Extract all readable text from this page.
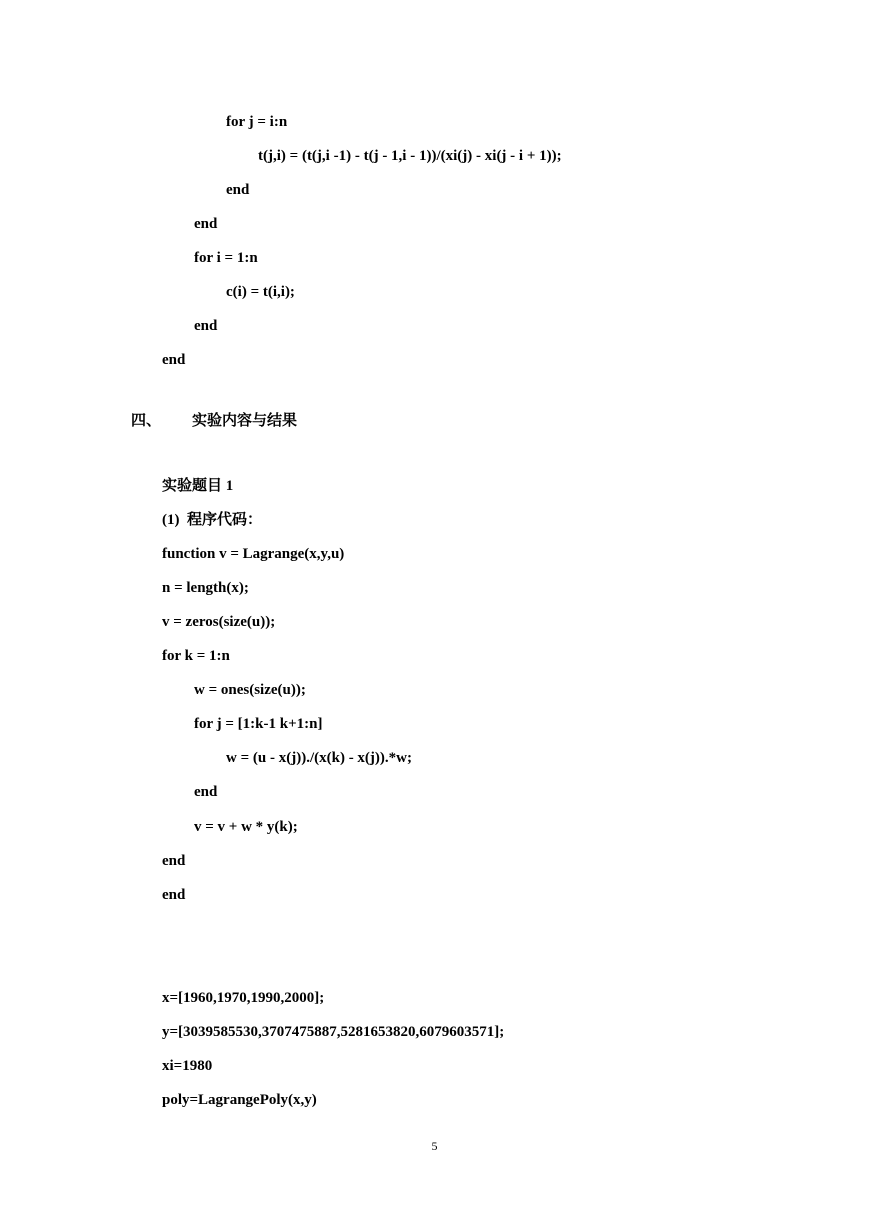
for j = i:n
t(j,i) = (t(j,i -1) - t(j - 1,i - 1))/(xi(j) - xi(j - i + 1));
end
end
for i = 1:n
c(i) = t(i,i);
end
end
四、 实验内容与结果
实验题目 1
(1)  程序代码：
function v = Lagrange(x,y,u)
n = length(x);
v = zeros(size(u));
for k = 1:n
w = ones(size(u));
for j = [1:k-1 k+1:n]
w = (u - x(j))./(x(k) - x(j)).*w;
end
v = v + w * y(k);
end
end
x=[1960,1970,1990,2000];
y=[3039585530,3707475887,5281653820,6079603571];
xi=1980
poly=LagrangePoly(x,y)
5
